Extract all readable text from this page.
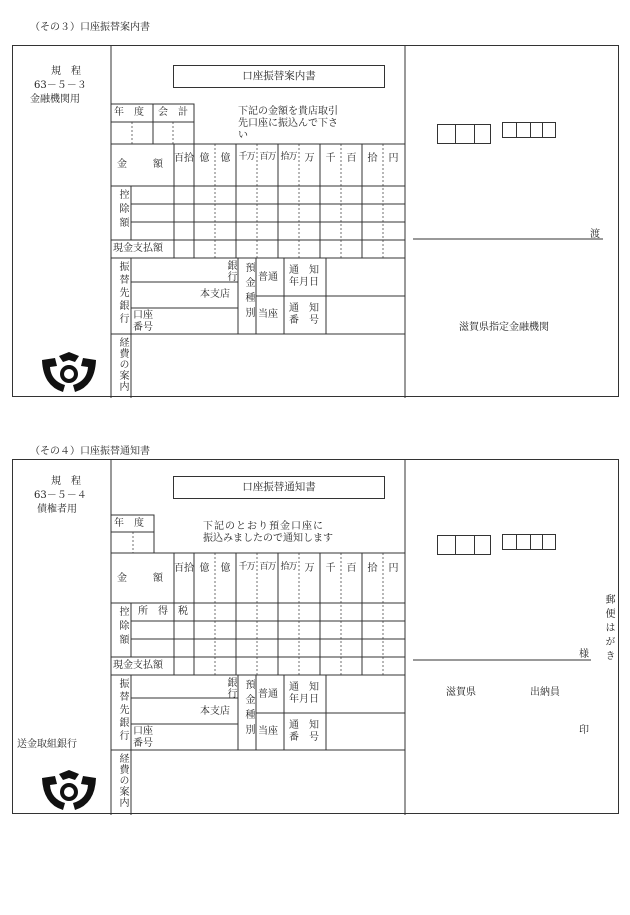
（その３）口座振替案内書
規　程
63－５－３
金融機関用
口座振替案内書
年　度 会　計	下記の金額を貴店取引
先口座に振込んで下さ
い
金　　額
百 拾 億	億 千万 百万 拾万 万	千	百	拾	円
控除額
現金支払額
振替先銀行	銀行
本支店
口座
番号
預金種別 普通
当座
通　知
年月日
通　知
番　号
経費の案内
渡
滋賀県指定金融機関
（その４）口座振替通知書
規　程
63－５－４
債権者用
口座振替通知書
年　度	下記のとおり預金口座に
振込みましたので通知します
金　　額
百 拾 億	億 千万 百万 拾万 万	千	百	拾	円
控除額 所　得　税
現金支払額
振替先銀行	銀行
本支店
口座
番号
預金種別 普通
当座
通　知
年月日
通　知
番　号
経費の案内
郵便はがき
様
滋賀県	出納員
印
送金取組銀行
